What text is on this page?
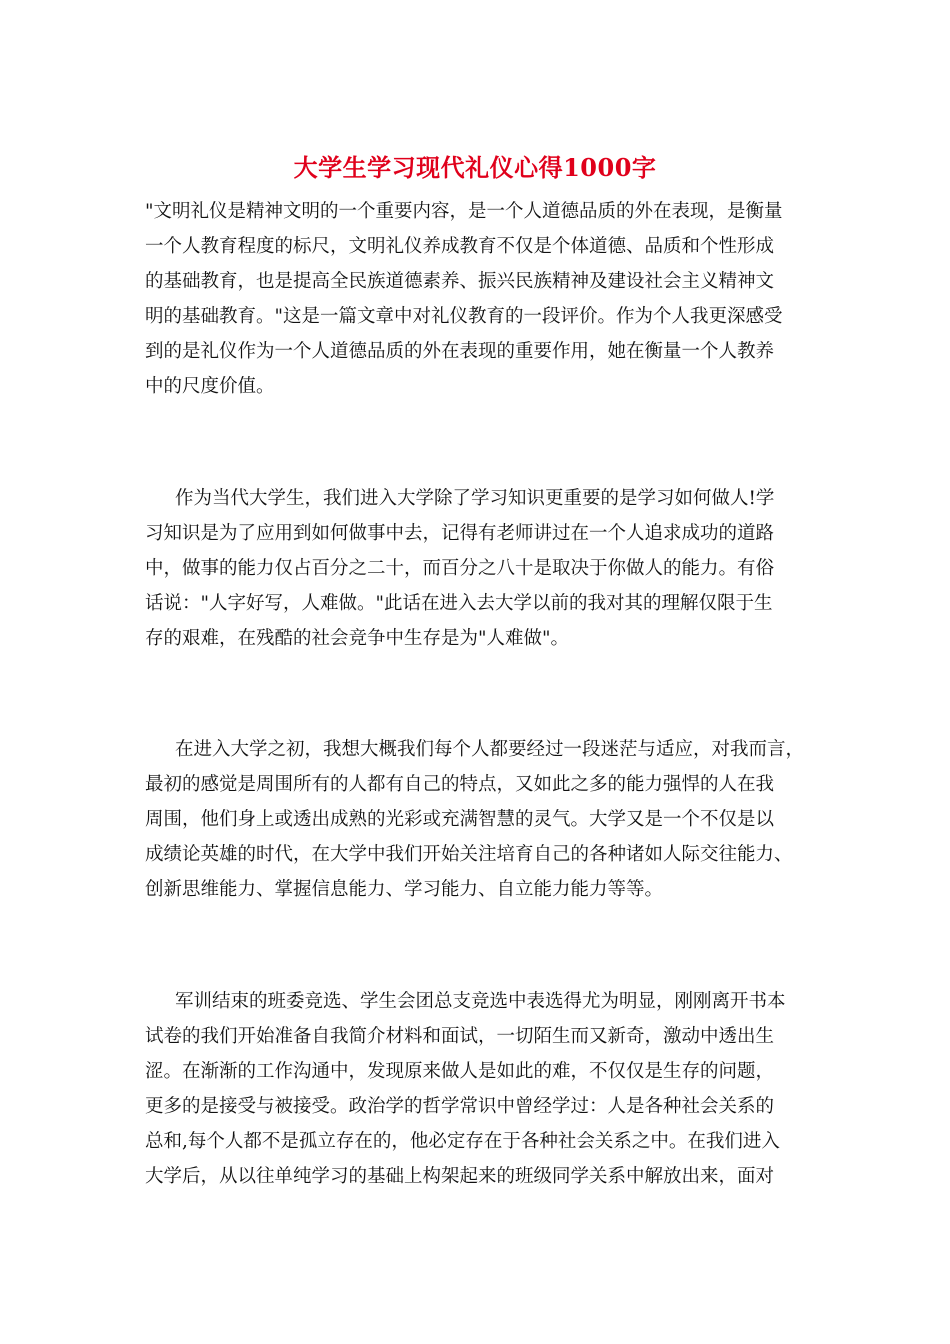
大学生学习现代礼仪心得1000字
"文明礼仪是精神文明的一个重要内容，是一个人道德品质的外在表现，是衡量
一个人教育程度的标尺，文明礼仪养成教育不仅是个体道德、品质和个性形成
的基础教育，也是提高全民族道德素养、振兴民族精神及建设社会主义精神文
明的基础教育。"这是一篇文章中对礼仪教育的一段评价。作为个人我更深感受
到的是礼仪作为一个人道德品质的外在表现的重要作用，她在衡量一个人教养
中的尺度价值。
作为当代大学生，我们进入大学除了学习知识更重要的是学习如何做人!学
习知识是为了应用到如何做事中去，记得有老师讲过在一个人追求成功的道路
中，做事的能力仅占百分之二十，而百分之八十是取决于你做人的能力。有俗
话说："人字好写，人难做。"此话在进入去大学以前的我对其的理解仅限于生
存的艰难，在残酷的社会竞争中生存是为"人难做"。
在进入大学之初，我想大概我们每个人都要经过一段迷茫与适应，对我而言，
最初的感觉是周围所有的人都有自己的特点，又如此之多的能力强悍的人在我
周围，他们身上或透出成熟的光彩或充满智慧的灵气。大学又是一个不仅是以
成绩论英雄的时代，在大学中我们开始关注培育自己的各种诸如人际交往能力、
创新思维能力、掌握信息能力、学习能力、自立能力能力等等。
军训结束的班委竞选、学生会团总支竞选中表选得尤为明显，刚刚离开书本
试卷的我们开始准备自我简介材料和面试，一切陌生而又新奇，激动中透出生
涩。在渐渐的工作沟通中，发现原来做人是如此的难，不仅仅是生存的问题，
更多的是接受与被接受。政治学的哲学常识中曾经学过：人是各种社会关系的
总和,每个人都不是孤立存在的，他必定存在于各种社会关系之中。在我们进入
大学后，从以往单纯学习的基础上构架起来的班级同学关系中解放出来，面对
